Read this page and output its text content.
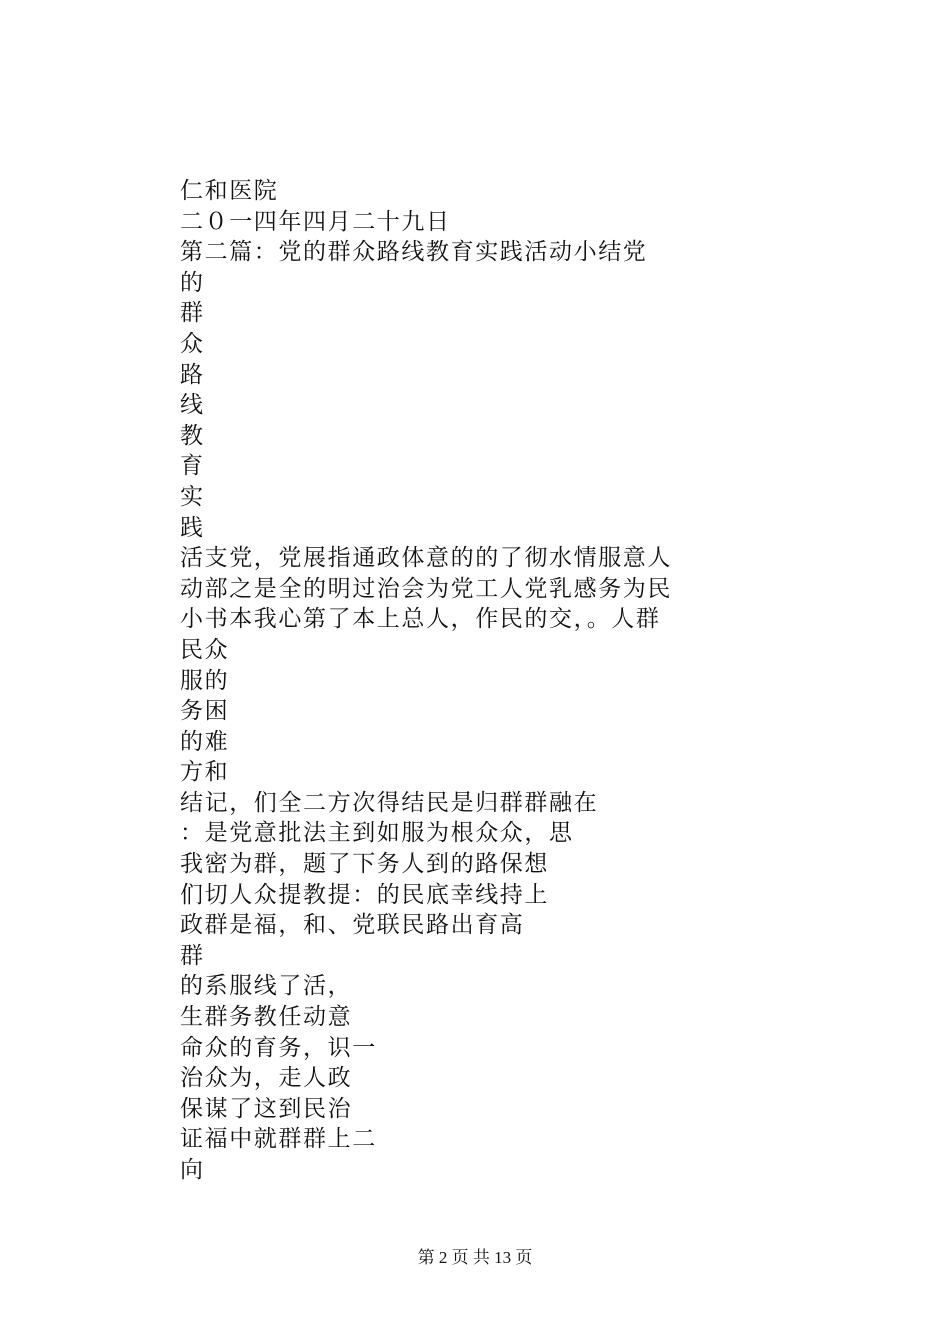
仁和医院
二０一四年四月二十九日
第二篇：党的群众路线教育实践活动小结党
的
群
众
路
线
教
育
实
践
活支党，党展指通政体意的的了彻水情服意人
动部之是全的明过治会为党工人党乳感务为民
小书本我心第了本上总人，作民的交，。人群
民众
服的
务困
的难
方和
结记，们全二方次得结民是归群群融在
：是党意批法主到如服为根众众，思
我密为群，题了下务人到的路保想
们切人众提教提：的民底幸线持上
政群是福，和、党联民路出育高
群
的系服线了活，
生群务教任动意
命众的育务，识一
治众为，走人政
保谋了这到民治
证福中就群群上二
向
第 2 页 共 13 页
